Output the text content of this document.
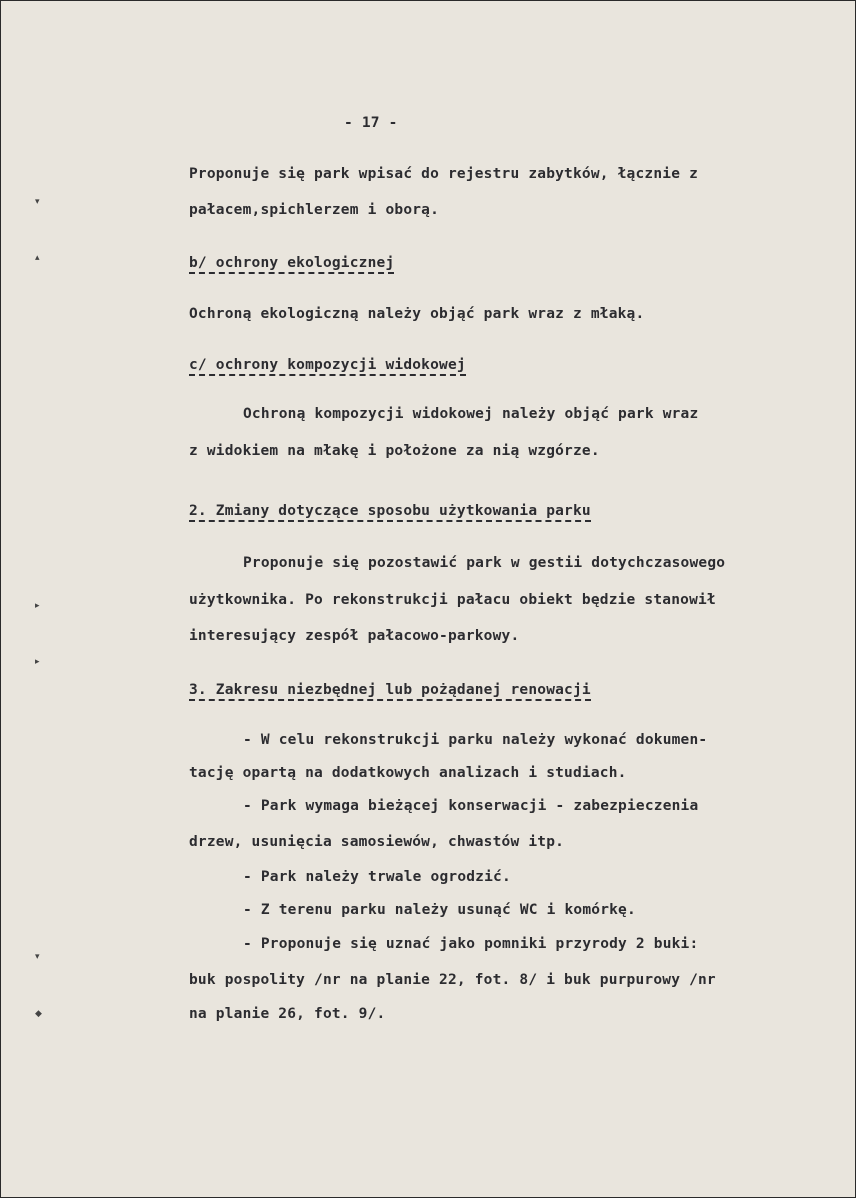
- 17 -
Proponuje się park wpisać do rejestru zabytków, łącznie z
pałacem,spichlerzem i oborą.
b/ ochrony ekologicznej
Ochroną ekologiczną należy objąć park wraz z młaką.
c/ ochrony kompozycji widokowej
Ochroną kompozycji widokowej należy objąć park wraz
z widokiem na młakę i położone za nią wzgórze.
2. Zmiany dotyczące sposobu użytkowania parku
Proponuje się pozostawić park w gestii dotychczasowego
użytkownika. Po rekonstrukcji pałacu obiekt będzie stanowił
interesujący zespół pałacowo-parkowy.
3. Zakresu niezbędnej lub pożądanej renowacji
- W celu rekonstrukcji parku należy wykonać dokumen-
tację opartą na dodatkowych analizach i studiach.
- Park wymaga bieżącej konserwacji - zabezpieczenia
drzew, usunięcia samosiewów, chwastów itp.
- Park należy trwale ogrodzić.
- Z terenu parku należy usunąć WC i komórkę.
- Proponuje się uznać jako pomniki przyrody 2 buki:
buk pospolity /nr na planie 22, fot. 8/ i buk purpurowy /nr
na planie 26, fot. 9/.
▾
▴
▸
▸
▾
◆
